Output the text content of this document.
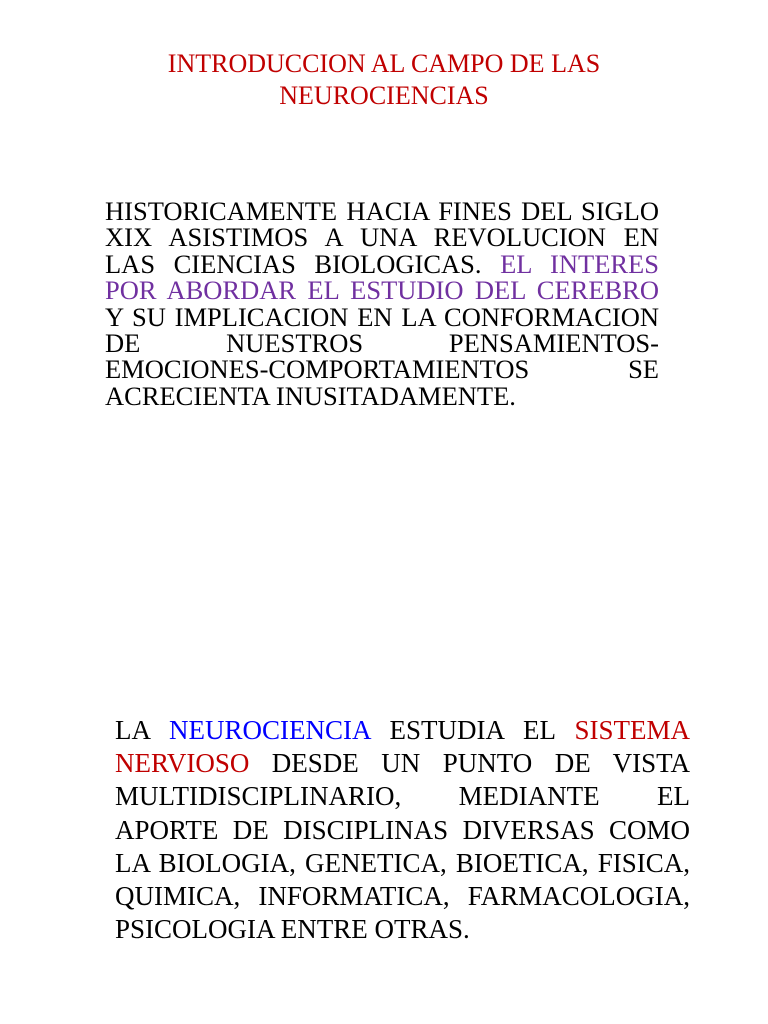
INTRODUCCION AL CAMPO DE LAS
NEUROCIENCIAS
HISTORICAMENTE HACIA FINES DEL SIGLO XIX ASISTIMOS A UNA REVOLUCION EN LAS CIENCIAS BIOLOGICAS. EL INTERES POR ABORDAR EL ESTUDIO DEL CEREBRO Y SU IMPLICACION EN LA CONFORMACION DE NUESTROS PENSAMIENTOS-EMOCIONES-COMPORTAMIENTOS SE ACRECIENTA INUSITADAMENTE.
LA NEUROCIENCIA ESTUDIA EL SISTEMA NERVIOSO DESDE UN PUNTO DE VISTA MULTIDISCIPLINARIO, MEDIANTE EL APORTE DE DISCIPLINAS DIVERSAS COMO LA BIOLOGIA, GENETICA, BIOETICA, FISICA, QUIMICA, INFORMATICA, FARMACOLOGIA, PSICOLOGIA ENTRE OTRAS.
